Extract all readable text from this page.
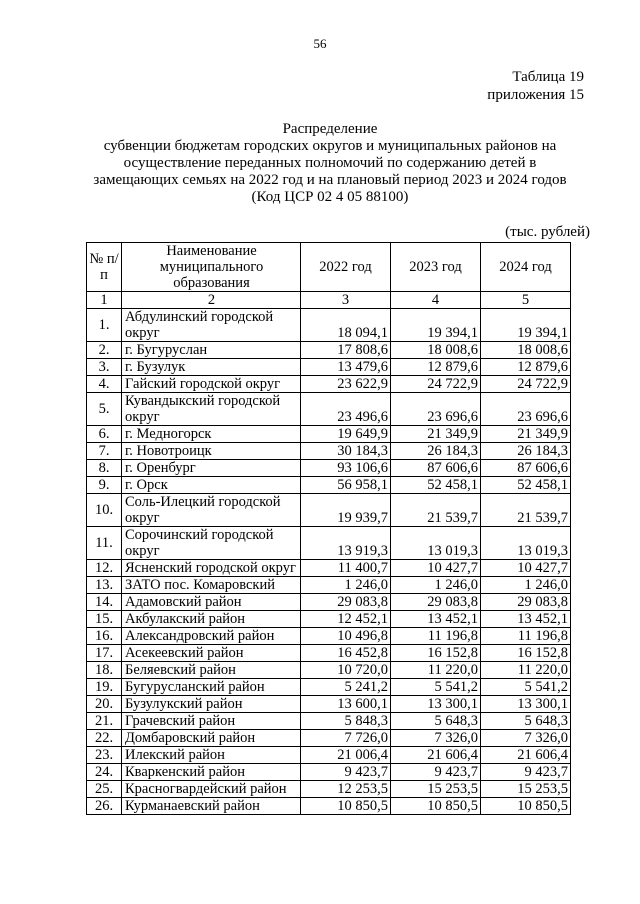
56
Таблица 19
приложения 15
Распределение
субвенции бюджетам городских округов и муниципальных районов на
осуществление переданных полномочий по содержанию детей в
замещающих семьях на 2022 год и на плановый период 2023 и 2024 годов
(Код ЦСР 02 4 05 88100)
(тыс. рублей)
№ п/п	Наименование муниципального образования	2022 год	2023 год	2024 год
1	2	3	4	5
1.	Абдулинский городской округ	18 094,1	19 394,1	19 394,1
2.	г. Бугуруслан	17 808,6	18 008,6	18 008,6
3.	г. Бузулук	13 479,6	12 879,6	12 879,6
4.	Гайский городской округ	23 622,9	24 722,9	24 722,9
5.	Кувандыкский городской округ	23 496,6	23 696,6	23 696,6
6.	г. Медногорск	19 649,9	21 349,9	21 349,9
7.	г. Новотроицк	30 184,3	26 184,3	26 184,3
8.	г. Оренбург	93 106,6	87 606,6	87 606,6
9.	г. Орск	56 958,1	52 458,1	52 458,1
10.	Соль-Илецкий городской округ	19 939,7	21 539,7	21 539,7
11.	Сорочинский городской округ	13 919,3	13 019,3	13 019,3
12.	Ясненский городской округ	11 400,7	10 427,7	10 427,7
13.	ЗАТО пос. Комаровский	1 246,0	1 246,0	1 246,0
14.	Адамовский район	29 083,8	29 083,8	29 083,8
15.	Акбулакский район	12 452,1	13 452,1	13 452,1
16.	Александровский район	10 496,8	11 196,8	11 196,8
17.	Асекеевский район	16 452,8	16 152,8	16 152,8
18.	Беляевский район	10 720,0	11 220,0	11 220,0
19.	Бугурусланский район	5 241,2	5 541,2	5 541,2
20.	Бузулукский район	13 600,1	13 300,1	13 300,1
21.	Грачевский район	5 848,3	5 648,3	5 648,3
22.	Домбаровский район	7 726,0	7 326,0	7 326,0
23.	Илекский район	21 006,4	21 606,4	21 606,4
24.	Кваркенский район	9 423,7	9 423,7	9 423,7
25.	Красногвардейский район	12 253,5	15 253,5	15 253,5
26.	Курманаевский район	10 850,5	10 850,5	10 850,5
